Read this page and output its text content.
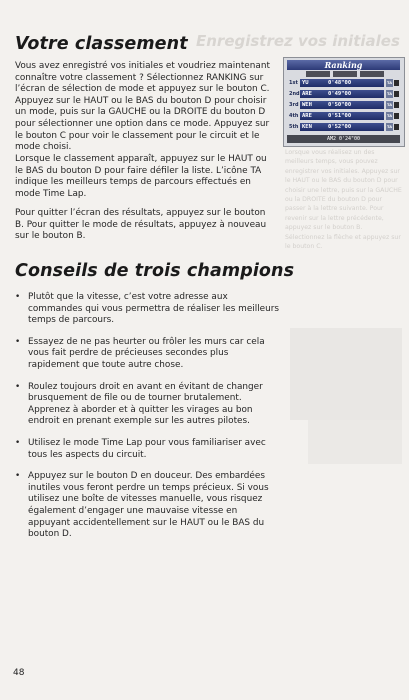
Enregistrez vos initiales
Lorsque vous réalisez un des meilleurs temps, vous pouvez enregistrer vos initiales. Appuyez sur le HAUT ou le BAS du bouton D pour choisir une lettre, puis sur la GAUCHE ou la DROITE du bouton D pour passer à la lettre suivante. Pour revenir sur la lettre précédente, appuyez sur le bouton B. Sélectionnez la flèche et appuyez sur le bouton C.
Votre classement

Vous avez enregistré vos initiales et voudriez maintenant connaître votre classement ? Sélectionnez RANKING sur l’écran de sélection de mode et appuyez sur le bouton C. Appuyez sur le HAUT ou le BAS du bouton D pour choisir un mode, puis sur la GAUCHE ou la DROITE du bouton D pour sélectionner une option dans ce mode. Appuyez sur le bouton C pour voir le classement pour le circuit et le mode choisi.

Lorsque le classement apparaît, appuyez sur le HAUT ou le BAS du bouton D pour faire défiler la liste. L’icône TA indique les meilleurs temps de parcours effectués en mode Time Lap.

Pour quitter l’écran des résultats, appuyez sur le bouton B. Pour quitter le mode de résultats, appuyez à nouveau sur le bouton B.

Ranking
1st YU	0'48"00	TA
2nd ARE	0'49"00	TA
3rd WEH	0'50"00	TA
4th ARE	0'51"00	TA
5th KEN	0'52"00	TA
AM2 0'24"00
Conseils de trois champions
• Plutôt que la vitesse, c’est votre adresse aux commandes qui vous permettra de réaliser les meilleurs temps de parcours.
• Essayez de ne pas heurter ou frôler les murs car cela vous fait perdre de précieuses secondes plus rapidement que toute autre chose.
• Roulez toujours droit en avant en évitant de changer brusquement de file ou de tourner brutalement. Apprenez à aborder et à quitter les virages au bon endroit en prenant exemple sur les autres pilotes.
• Utilisez le mode Time Lap pour vous familiariser avec tous les aspects du circuit.
• Appuyez sur le bouton D en douceur. Des embardées inutiles vous feront perdre un temps précieux. Si vous utilisez une boîte de vitesses manuelle, vous risquez également d’engager une mauvaise vitesse en appuyant accidentellement sur le HAUT ou le BAS du bouton D.
48
